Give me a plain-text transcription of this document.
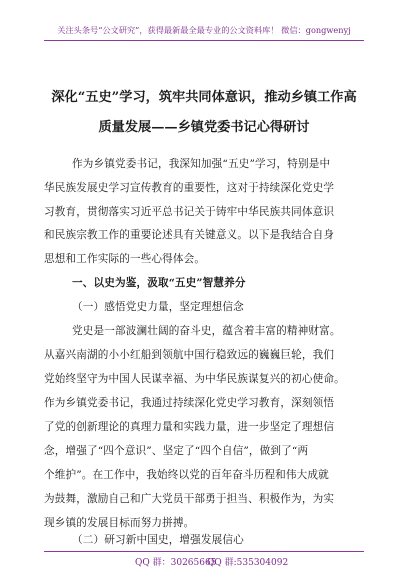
关注头条号“公文研究”，获得最新最全最专业的公文资料库！ 微信：gongwenyj
深化“五史”学习，筑牢共同体意识，推动乡镇工作高
质量发展——乡镇党委书记心得研讨
作为乡镇党委书记，我深知加强“五史”学习，特别是中
华民族发展史学习宣传教育的重要性，这对于持续深化党史学
习教育，贯彻落实习近平总书记关于铸牢中华民族共同体意识
和民族宗教工作的重要论述具有关键意义。以下是我结合自身
思想和工作实际的一些心得体会。
一、以史为鉴，汲取“五史”智慧养分
（一）感悟党史力量，坚定理想信念
党史是一部波澜壮阔的奋斗史，蕴含着丰富的精神财富。
从嘉兴南湖的小小红船到领航中国行稳致远的巍巍巨轮，我们
党始终坚守为中国人民谋幸福、为中华民族谋复兴的初心使命。
作为乡镇党委书记，我通过持续深化党史学习教育，深刻领悟
了党的创新理论的真理力量和实践力量，进一步坚定了理想信
念，增强了“四个意识”、坚定了“四个自信”，做到了“两
个维护”。在工作中，我始终以党的百年奋斗历程和伟大成就
为鼓舞，激励自己和广大党员干部勇于担当、积极作为，为实
现乡镇的发展目标而努力拼搏。
（二）研习新中国史，增强发展信心
QQ 群：30265665
QQ 群:535304092
